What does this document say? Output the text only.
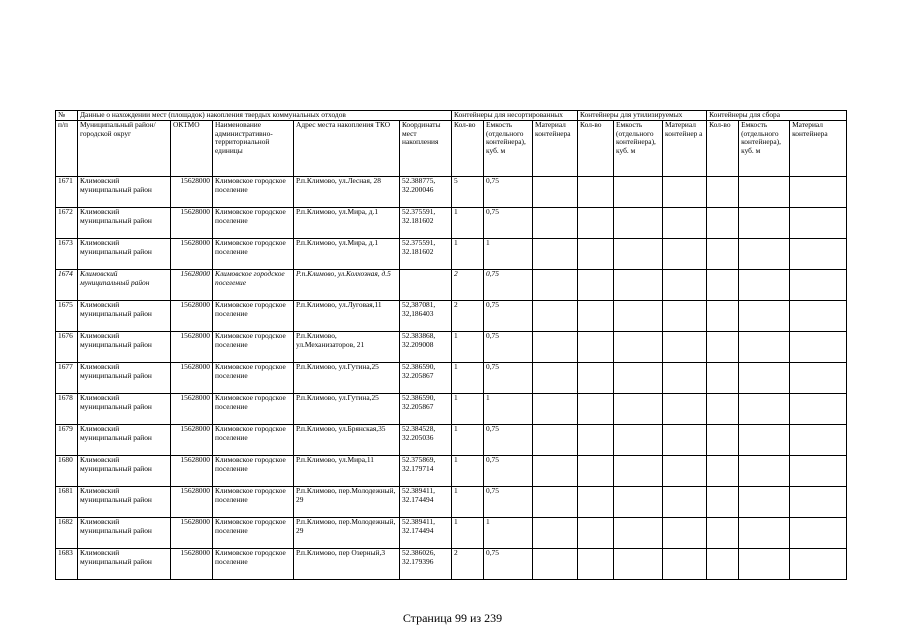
№	Данные о нахождении мест (площадок) накопления твердых коммунальных отходов					Контейнеры для несортированных			Контейнеры для утилизируемых			Контейнеры для сбора		
п/п	Муниципальный район/городской округ	ОКТМО	Наименование административно-территориальной единицы	Адрес места накопления ТКО	Координаты мест накопления	Кол-во	Емкость (отдельного контейнера), куб. м	Материал контейнера	Кол-во	Емкость (отдельного контейнера), куб. м	Материал контейнер а	Кол-во	Емкость (отдельного контейнера), куб. м	Материал контейнера
1671	Климовский муниципальный район	15628000	Климовское городское поселение	Р.п.Климово, ул.Лесная, 28	52.388775, 32.200046	5	0,75							
1672	Климовский муниципальный район	15628000	Климовское городское поселение	Р.п.Климово, ул.Мира, д.1	52.375591, 32.181602	1	0,75							
1673	Климовский муниципальный район	15628000	Климовское городское поселение	Р.п.Климово, ул.Мира, д.1	52.375591, 32.181602	1	1							
1674	Климовский муниципальный район	15628000	Климовское городское поселение	Р.п.Климово, ул.Колхозная, д.5		2	0,75							
1675	Климовский муниципальный район	15628000	Климовское городское поселение	Р.п.Климово, ул.Луговая,11	52,387081, 32,186403	2	0,75							
1676	Климовский муниципальный район	15628000	Климовское городское поселение	Р.п.Климово, ул.Механизаторов, 21	52.383868, 32.209008	1	0,75							
1677	Климовский муниципальный район	15628000	Климовское городское поселение	Р.п.Климово, ул.Гутина,25	52.386590, 32.205867	1	0,75							
1678	Климовский муниципальный район	15628000	Климовское городское поселение	Р.п.Климово, ул.Гутина,25	52.386590, 32.205867	1	1							
1679	Климовский муниципальный район	15628000	Климовское городское поселение	Р.п.Климово, ул.Брянская,35	52.384528, 32.205036	1	0,75							
1680	Климовский муниципальный район	15628000	Климовское городское поселение	Р.п.Климово, ул.Мира,11	52.375869, 32.179714	1	0,75							
1681	Климовский муниципальный район	15628000	Климовское городское поселение	Р.п.Климово, пер.Молодежный, 29	52.389411, 32.174494	1	0,75							
1682	Климовский муниципальный район	15628000	Климовское городское поселение	Р.п.Климово, пер.Молодежный, 29	52.389411, 32.174494	1	1							
1683	Климовский муниципальный район	15628000	Климовское городское поселение	Р.п.Климово, пер Озерный,3	52.386026, 32.179396	2	0,75							
Страница 99 из 239
